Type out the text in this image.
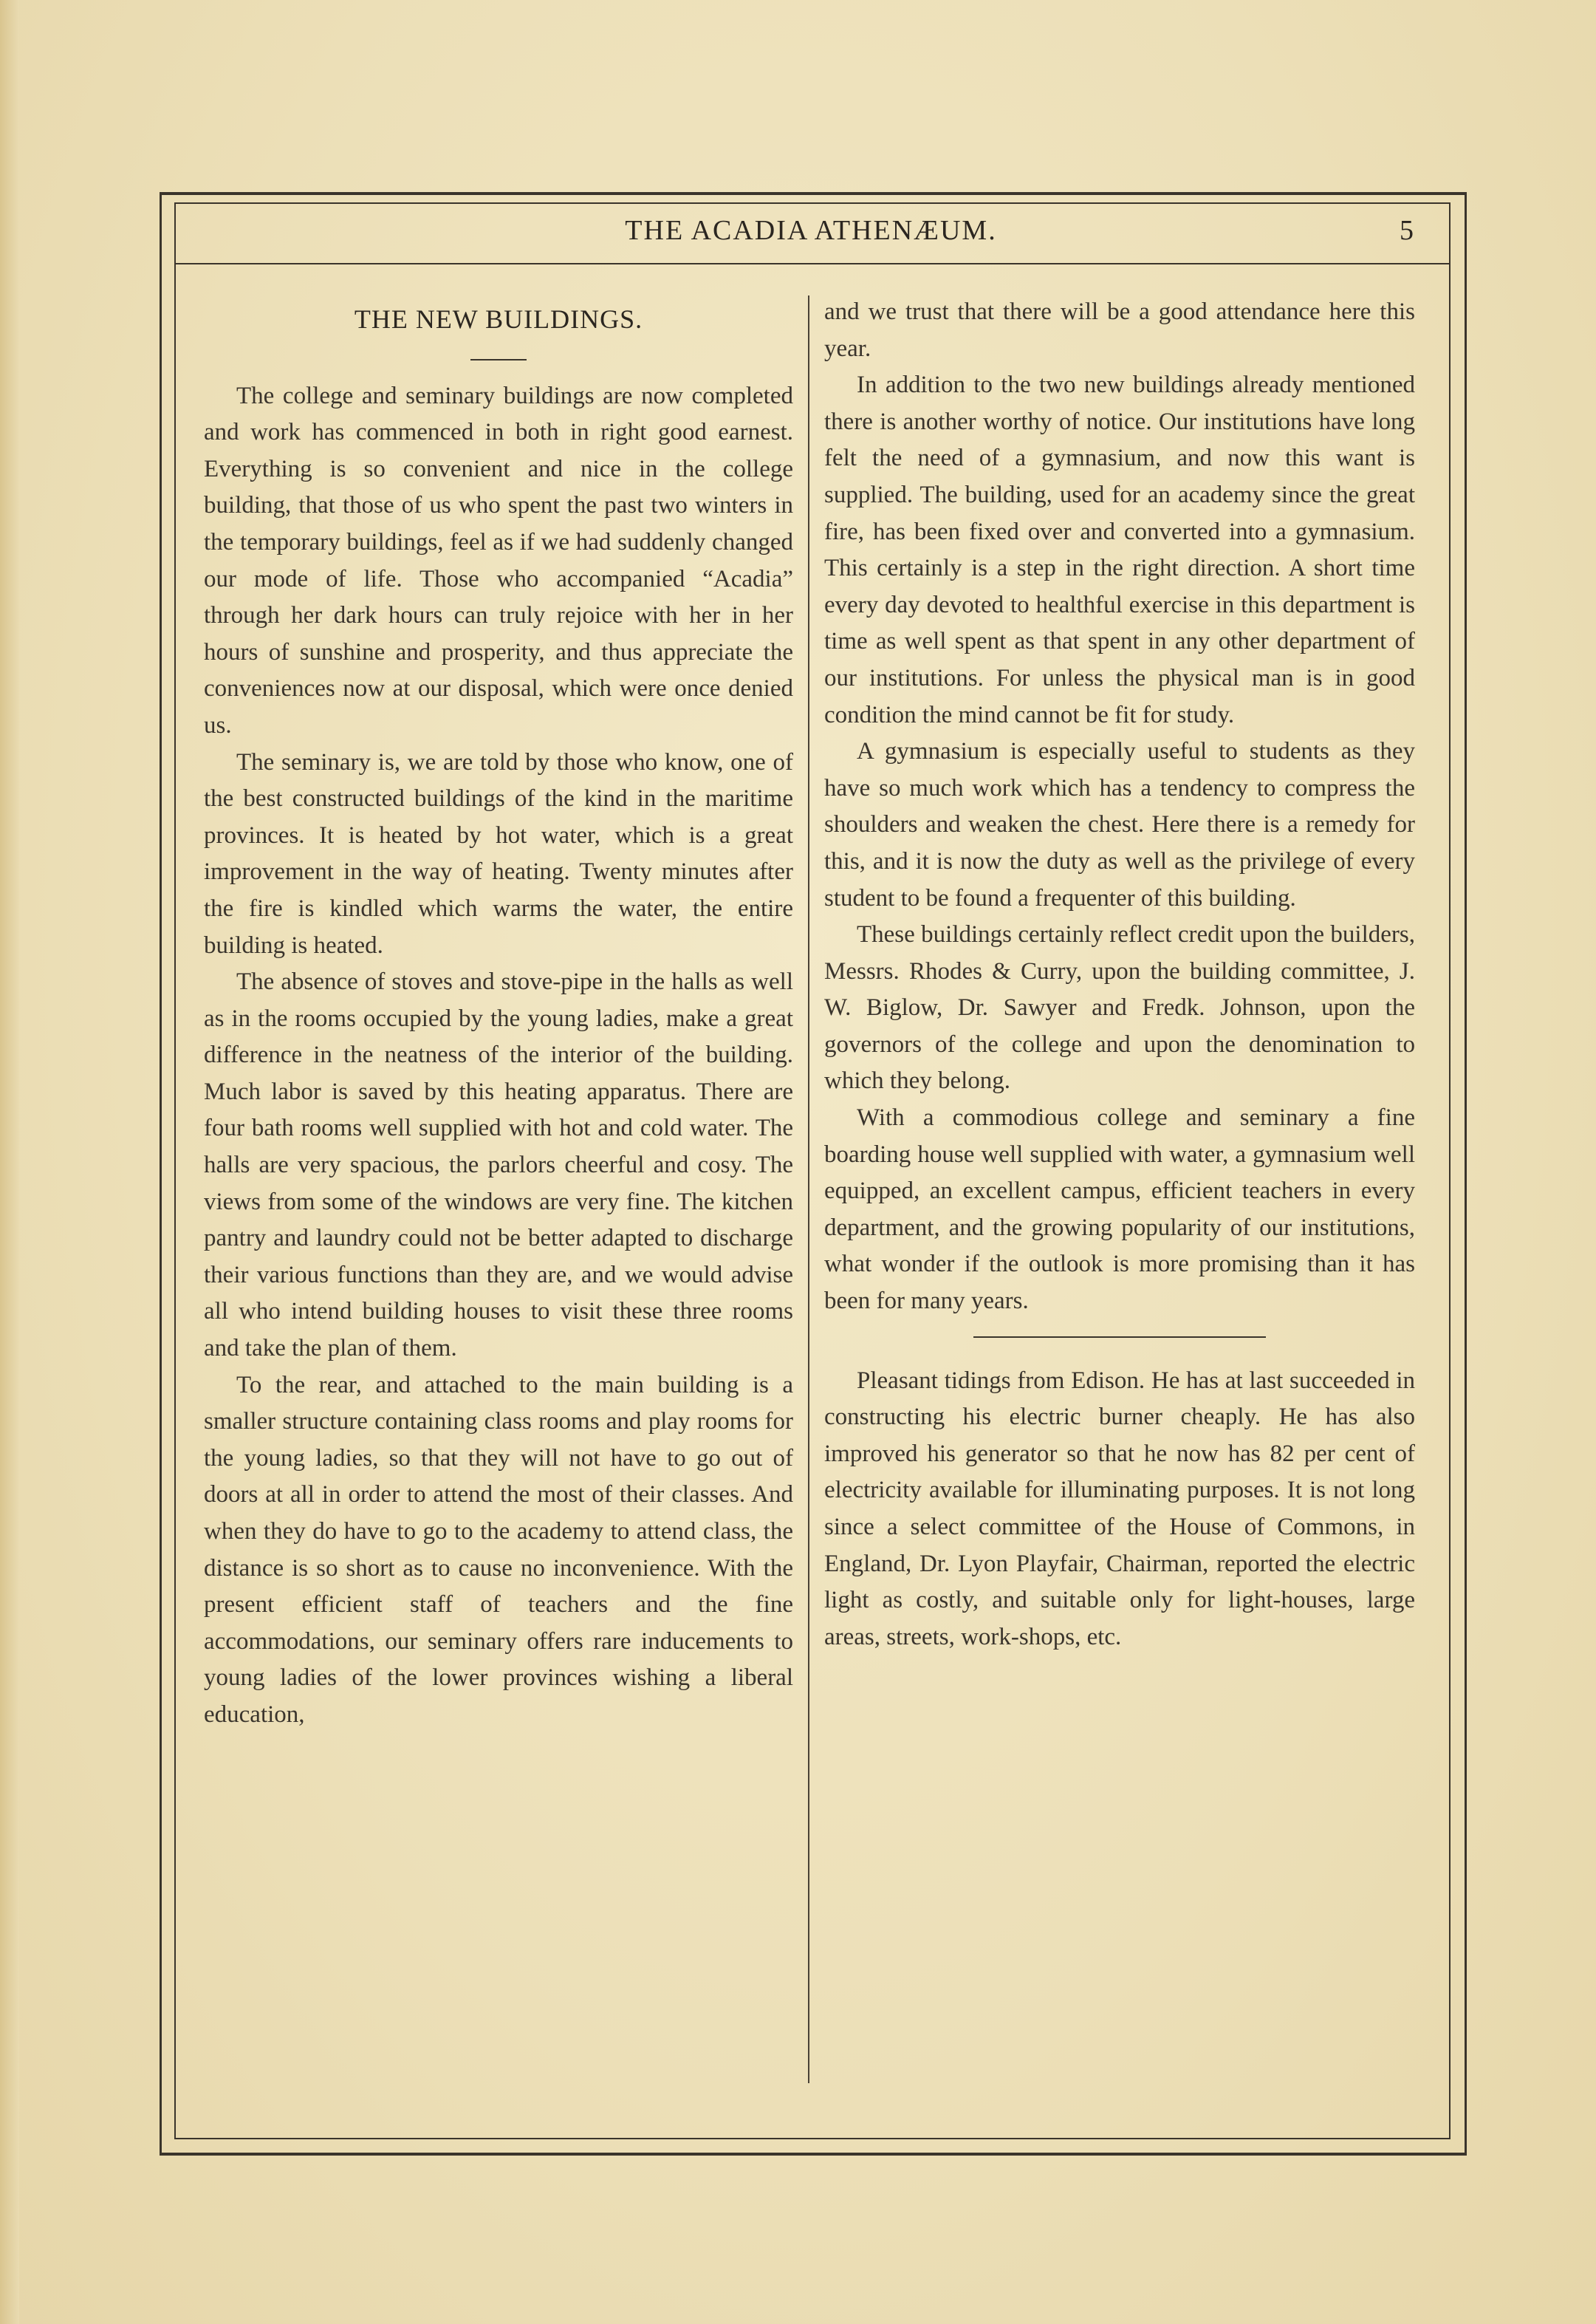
THE ACADIA ATHENÆUM.	5
THE NEW BUILDINGS.

The college and seminary buildings are now completed and work has commenced in both in right good earnest. Everything is so convenient and nice in the college building, that those of us who spent the past two winters in the temporary buildings, feel as if we had suddenly changed our mode of life. Those who accompanied “Acadia” through her dark hours can truly rejoice with her in her hours of sunshine and prosperity, and thus appreciate the conveniences now at our disposal, which were once denied us.

The seminary is, we are told by those who know, one of the best constructed buildings of the kind in the maritime provinces. It is heated by hot water, which is a great improvement in the way of heating. Twenty minutes after the fire is kindled which warms the water, the entire building is heated.

The absence of stoves and stove-pipe in the halls as well as in the rooms occupied by the young ladies, make a great difference in the neatness of the interior of the building. Much labor is saved by this heating apparatus. There are four bath rooms well supplied with hot and cold water. The halls are very spacious, the parlors cheerful and cosy. The views from some of the windows are very fine. The kitchen pantry and laundry could not be better adapted to discharge their various functions than they are, and we would advise all who intend building houses to visit these three rooms and take the plan of them.

To the rear, and attached to the main building is a smaller structure containing class rooms and play rooms for the young ladies, so that they will not have to go out of doors at all in order to attend the most of their classes. And when they do have to go to the academy to attend class, the distance is so short as to cause no inconvenience. With the present efficient staff of teachers and the fine accommodations, our seminary offers rare inducements to young ladies of the lower provinces wishing a liberal education,

and we trust that there will be a good attendance here this year.

In addition to the two new buildings already mentioned there is another worthy of notice. Our institutions have long felt the need of a gymnasium, and now this want is supplied. The building, used for an academy since the great fire, has been fixed over and converted into a gymnasium. This certainly is a step in the right direction. A short time every day devoted to healthful exercise in this department is time as well spent as that spent in any other department of our institutions. For unless the physical man is in good condition the mind cannot be fit for study.

A gymnasium is especially useful to students as they have so much work which has a tendency to compress the shoulders and weaken the chest. Here there is a remedy for this, and it is now the duty as well as the privilege of every student to be found a frequenter of this building.

These buildings certainly reflect credit upon the builders, Messrs. Rhodes & Curry, upon the building committee, J. W. Biglow, Dr. Sawyer and Fredk. Johnson, upon the governors of the college and upon the denomination to which they belong.

With a commodious college and seminary a fine boarding house well supplied with water, a gymnasium well equipped, an excellent campus, efficient teachers in every department, and the growing popularity of our institutions, what wonder if the outlook is more promising than it has been for many years.

Pleasant tidings from Edison. He has at last succeeded in constructing his electric burner cheaply. He has also improved his generator so that he now has 82 per cent of electricity available for illuminating purposes. It is not long since a select committee of the House of Commons, in England, Dr. Lyon Playfair, Chairman, reported the electric light as costly, and suitable only for light-houses, large areas, streets, work-shops, etc.
